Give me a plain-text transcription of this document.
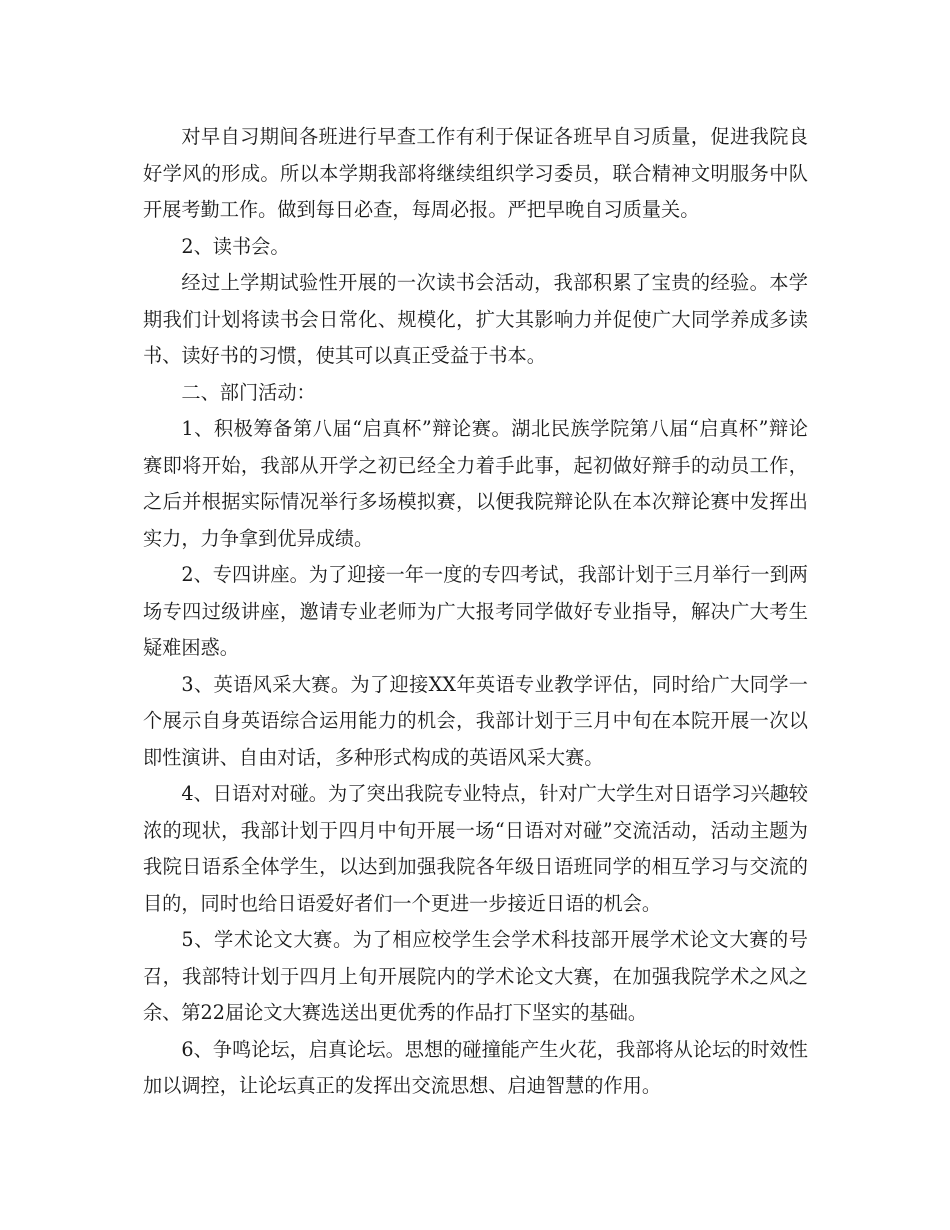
对早自习期间各班进行早查工作有利于保证各班早自习质量，促进我院良好学风的形成。所以本学期我部将继续组织学习委员，联合精神文明服务中队开展考勤工作。做到每日必查，每周必报。严把早晚自习质量关。

2、读书会。

经过上学期试验性开展的一次读书会活动，我部积累了宝贵的经验。本学期我们计划将读书会日常化、规模化，扩大其影响力并促使广大同学养成多读书、读好书的习惯，使其可以真正受益于书本。

二、部门活动：

1、积极筹备第八届“启真杯”辩论赛。湖北民族学院第八届“启真杯”辩论赛即将开始，我部从开学之初已经全力着手此事，起初做好辩手的动员工作，之后并根据实际情况举行多场模拟赛，以便我院辩论队在本次辩论赛中发挥出实力，力争拿到优异成绩。

2、专四讲座。为了迎接一年一度的专四考试，我部计划于三月举行一到两场专四过级讲座，邀请专业老师为广大报考同学做好专业指导，解决广大考生疑难困惑。

3、英语风采大赛。为了迎接XX年英语专业教学评估，同时给广大同学一个展示自身英语综合运用能力的机会，我部计划于三月中旬在本院开展一次以即性演讲、自由对话，多种形式构成的英语风采大赛。

4、日语对对碰。为了突出我院专业特点，针对广大学生对日语学习兴趣较浓的现状，我部计划于四月中旬开展一场“日语对对碰”交流活动，活动主题为我院日语系全体学生，以达到加强我院各年级日语班同学的相互学习与交流的目的，同时也给日语爱好者们一个更进一步接近日语的机会。

5、学术论文大赛。为了相应校学生会学术科技部开展学术论文大赛的号召，我部特计划于四月上旬开展院内的学术论文大赛，在加强我院学术之风之余、第22届论文大赛选送出更优秀的作品打下坚实的基础。

6、争鸣论坛，启真论坛。思想的碰撞能产生火花，我部将从论坛的时效性加以调控，让论坛真正的发挥出交流思想、启迪智慧的作用。
